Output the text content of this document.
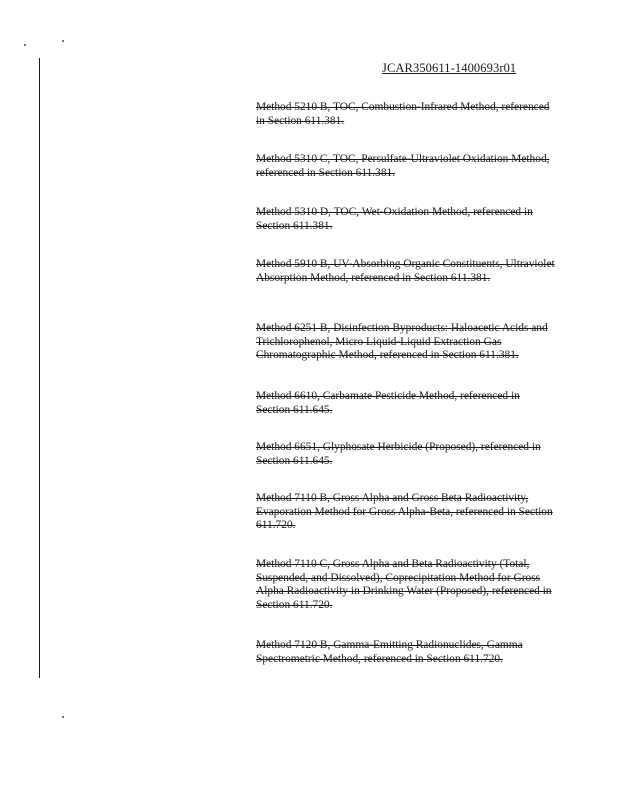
JCAR350611-1400693r01
Method 5210 B, TOC, Combustion-Infrared Method, referenced in Section 611.381.
Method 5310 C, TOC, Persulfate-Ultraviolet Oxidation Method, referenced in Section 611.381.
Method 5310 D, TOC, Wet-Oxidation Method, referenced in Section 611.381.
Method 5910 B, UV-Absorbing Organic Constituents, Ultraviolet Absorption Method, referenced in Section 611.381.
Method 6251 B, Disinfection Byproducts: Haloacetic Acids and Trichlorophenol, Micro Liquid-Liquid Extraction Gas Chromatographic Method, referenced in Section 611.381.
Method 6610, Carbamate Pesticide Method, referenced in Section 611.645.
Method 6651, Glyphosate Herbicide (Proposed), referenced in Section 611.645.
Method 7110 B, Gross Alpha and Gross Beta Radioactivity, Evaporation Method for Gross Alpha-Beta, referenced in Section 611.720.
Method 7110 C, Gross Alpha and Beta Radioactivity (Total, Suspended, and Dissolved), Coprecipitation Method for Gross Alpha Radioactivity in Drinking Water (Proposed), referenced in Section 611.720.
Method 7120 B, Gamma-Emitting Radionuclides, Gamma Spectrometric Method, referenced in Section 611.720.
